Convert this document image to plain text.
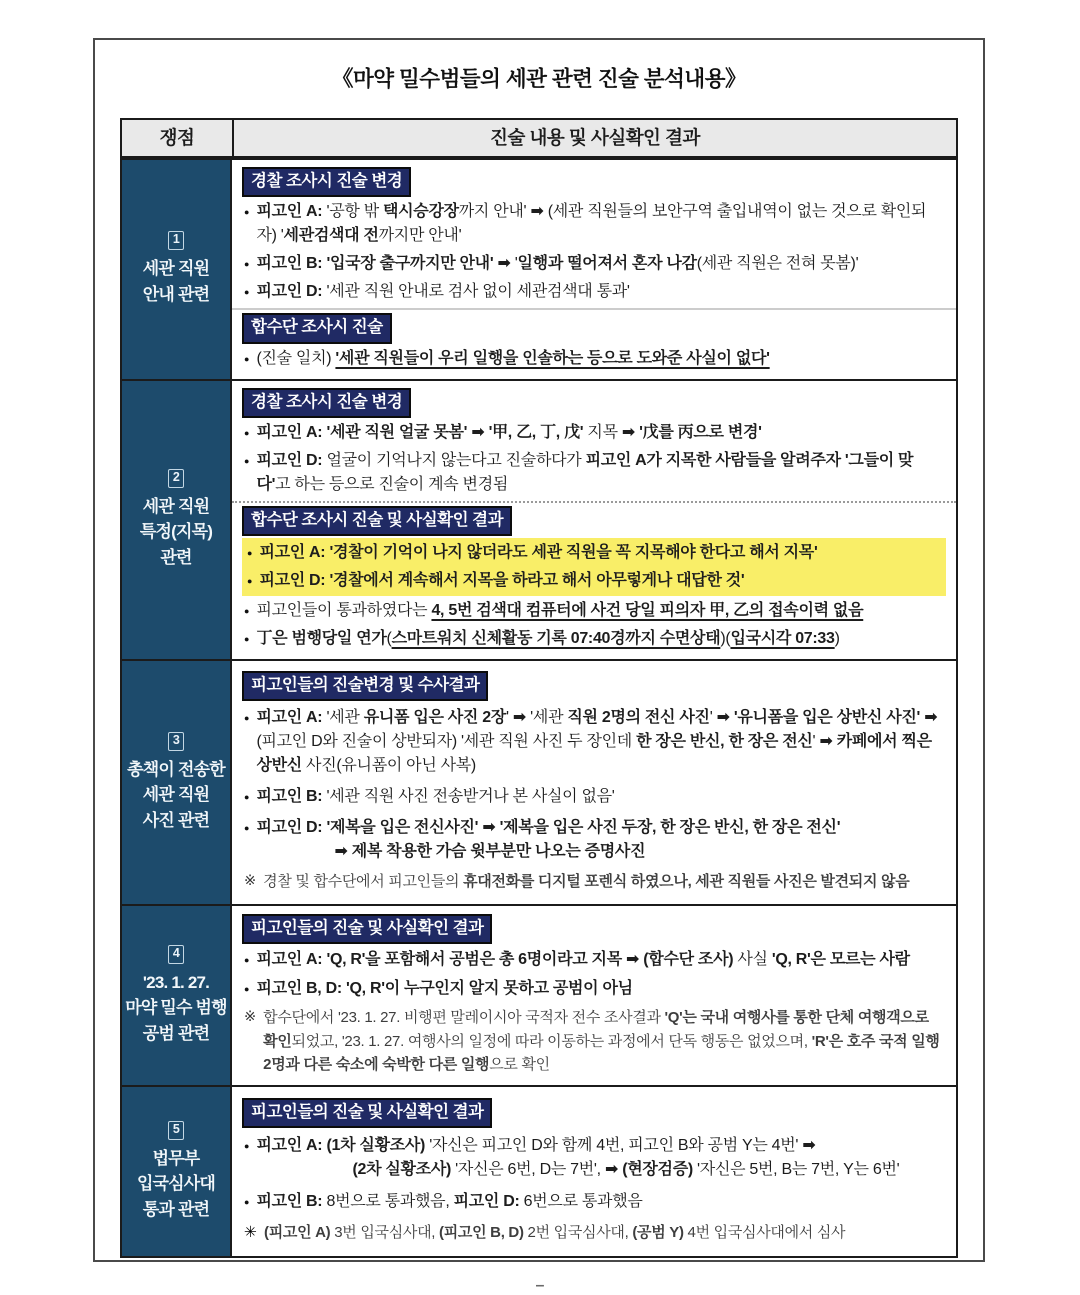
《마약 밀수범들의 세관 관련 진술 분석내용》
쟁점	진술 내용 및 사실확인 결과
1
세관 직원
안내 관련
경찰 조사시 진술 변경
● 피고인 A: '공항 밖 택시승강장까지 안내' ➡ (세관 직원들의 보안구역 출입내역이 없는 것으로 확인되자) '세관검색대 전까지만 안내'
● 피고인 B: '입국장 출구까지만 안내' ➡ '일행과 떨어져서 혼자 나감(세관 직원은 전혀 못봄)'
● 피고인 D: '세관 직원 안내로 검사 없이 세관검색대 통과'
합수단 조사시 진술
● (진술 일치) '세관 직원들이 우리 일행을 인솔하는 등으로 도와준 사실이 없다'
2
세관 직원
특정(지목)
관련
경찰 조사시 진술 변경
● 피고인 A: '세관 직원 얼굴 못봄' ➡ '甲, 乙, 丁, 戊' 지목 ➡ '戊를 丙으로 변경'
● 피고인 D: 얼굴이 기억나지 않는다고 진술하다가 피고인 A가 지목한 사람들을 알려주자 '그들이 맞다'고 하는 등으로 진술이 계속 변경됨
합수단 조사시 진술 및 사실확인 결과
● 피고인 A: '경찰이 기억이 나지 않더라도 세관 직원을 꼭 지목해야 한다고 해서 지목'
● 피고인 D: '경찰에서 계속해서 지목을 하라고 해서 아무렇게나 대답한 것'
● 피고인들이 통과하였다는 4, 5번 검색대 컴퓨터에 사건 당일 피의자 甲, 乙의 접속이력 없음
● 丁은 범행당일 연가(스마트워치 신체활동 기록 07:40경까지 수면상태)(입국시각 07:33)
3
총책이 전송한
세관 직원
사진 관련
피고인들의 진술변경 및 수사결과
● 피고인 A: '세관 유니폼 입은 사진 2장' ➡ '세관 직원 2명의 전신 사진' ➡ '유니폼을 입은 상반신 사진' ➡ (피고인 D와 진술이 상반되자) '세관 직원 사진 두 장인데 한 장은 반신, 한 장은 전신' ➡ 카페에서 찍은 상반신 사진(유니폼이 아닌 사복)
● 피고인 B: '세관 직원 사진 전송받거나 본 사실이 없음'
● 피고인 D: '제복을 입은 전신사진' ➡ '제복을 입은 사진 두장, 한 장은 반신, 한 장은 전신'
➡ 제복 착용한 가슴 윗부분만 나오는 증명사진
※ 경찰 및 합수단에서 피고인들의 휴대전화를 디지털 포렌식 하였으나, 세관 직원들 사진은 발견되지 않음
4
'23. 1. 27.
마약 밀수 범행
공범 관련
피고인들의 진술 및 사실확인 결과
● 피고인 A: 'Q, R'을 포함해서 공범은 총 6명이라고 지목 ➡ (합수단 조사) 사실 'Q, R'은 모르는 사람
● 피고인 B, D: 'Q, R'이 누구인지 알지 못하고 공범이 아님
※ 합수단에서 '23. 1. 27. 비행편 말레이시아 국적자 전수 조사결과 'Q'는 국내 여행사를 통한 단체 여행객으로 확인되었고, '23. 1. 27. 여행사의 일정에 따라 이동하는 과정에서 단독 행동은 없었으며, 'R'은 호주 국적 일행 2명과 다른 숙소에 숙박한 다른 일행으로 확인
5
법무부
입국심사대
통과 관련
피고인들의 진술 및 사실확인 결과
● 피고인 A: (1차 실황조사) '자신은 피고인 D와 함께 4번, 피고인 B와 공범 Y는 4번' ➡
(2차 실황조사) '자신은 6번, D는 7번', ➡ (현장검증) '자신은 5번, B는 7번, Y는 6번'
● 피고인 B: 8번으로 통과했음, 피고인 D: 6번으로 통과했음
✳ (피고인 A) 3번 입국심사대, (피고인 B, D) 2번 입국심사대, (공범 Y) 4번 입국심사대에서 심사
–
